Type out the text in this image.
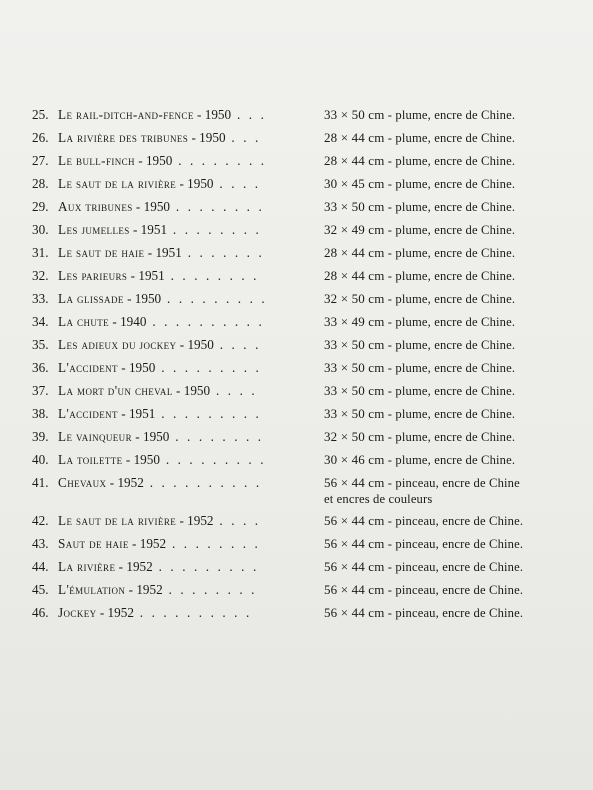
25. Le rail-ditch-and-fence - 1950 . . .	33 × 50 cm - plume, encre de Chine.
26. La rivière des tribunes - 1950 . . .	28 × 44 cm - plume, encre de Chine.
27. Le bull-finch - 1950 . . . . . . . .	28 × 44 cm - plume, encre de Chine.
28. Le saut de la rivière - 1950 . . . .	30 × 45 cm - plume, encre de Chine.
29. Aux tribunes - 1950 . . . . . . . .	33 × 50 cm - plume, encre de Chine.
30. Les jumelles - 1951 . . . . . . . .	32 × 49 cm - plume, encre de Chine.
31. Le saut de haie - 1951 . . . . . . .	28 × 44 cm - plume, encre de Chine.
32. Les parieurs - 1951 . . . . . . . .	28 × 44 cm - plume, encre de Chine.
33. La glissade - 1950 . . . . . . . . .	32 × 50 cm - plume, encre de Chine.
34. La chute - 1940 . . . . . . . . . .	33 × 49 cm - plume, encre de Chine.
35. Les adieux du jockey - 1950 . . . .	33 × 50 cm - plume, encre de Chine.
36. L'accident - 1950 . . . . . . . . .	33 × 50 cm - plume, encre de Chine.
37. La mort d'un cheval - 1950 . . . .	33 × 50 cm - plume, encre de Chine.
38. L'accident - 1951 . . . . . . . . .	33 × 50 cm - plume, encre de Chine.
39. Le vainqueur - 1950 . . . . . . . .	32 × 50 cm - plume, encre de Chine.
40. La toilette - 1950 . . . . . . . . .	30 × 46 cm - plume, encre de Chine.
41. Chevaux - 1952 . . . . . . . . . .	56 × 44 cm - pinceau, encre de Chine
et encres de couleurs
42. Le saut de la rivière - 1952 . . . .	56 × 44 cm - pinceau, encre de Chine.
43. Saut de haie - 1952 . . . . . . . .	56 × 44 cm - pinceau, encre de Chine.
44. La rivière - 1952 . . . . . . . . .	56 × 44 cm - pinceau, encre de Chine.
45. L'émulation - 1952 . . . . . . . .	56 × 44 cm - pinceau, encre de Chine.
46. Jockey - 1952 . . . . . . . . . .	56 × 44 cm - pinceau, encre de Chine.
